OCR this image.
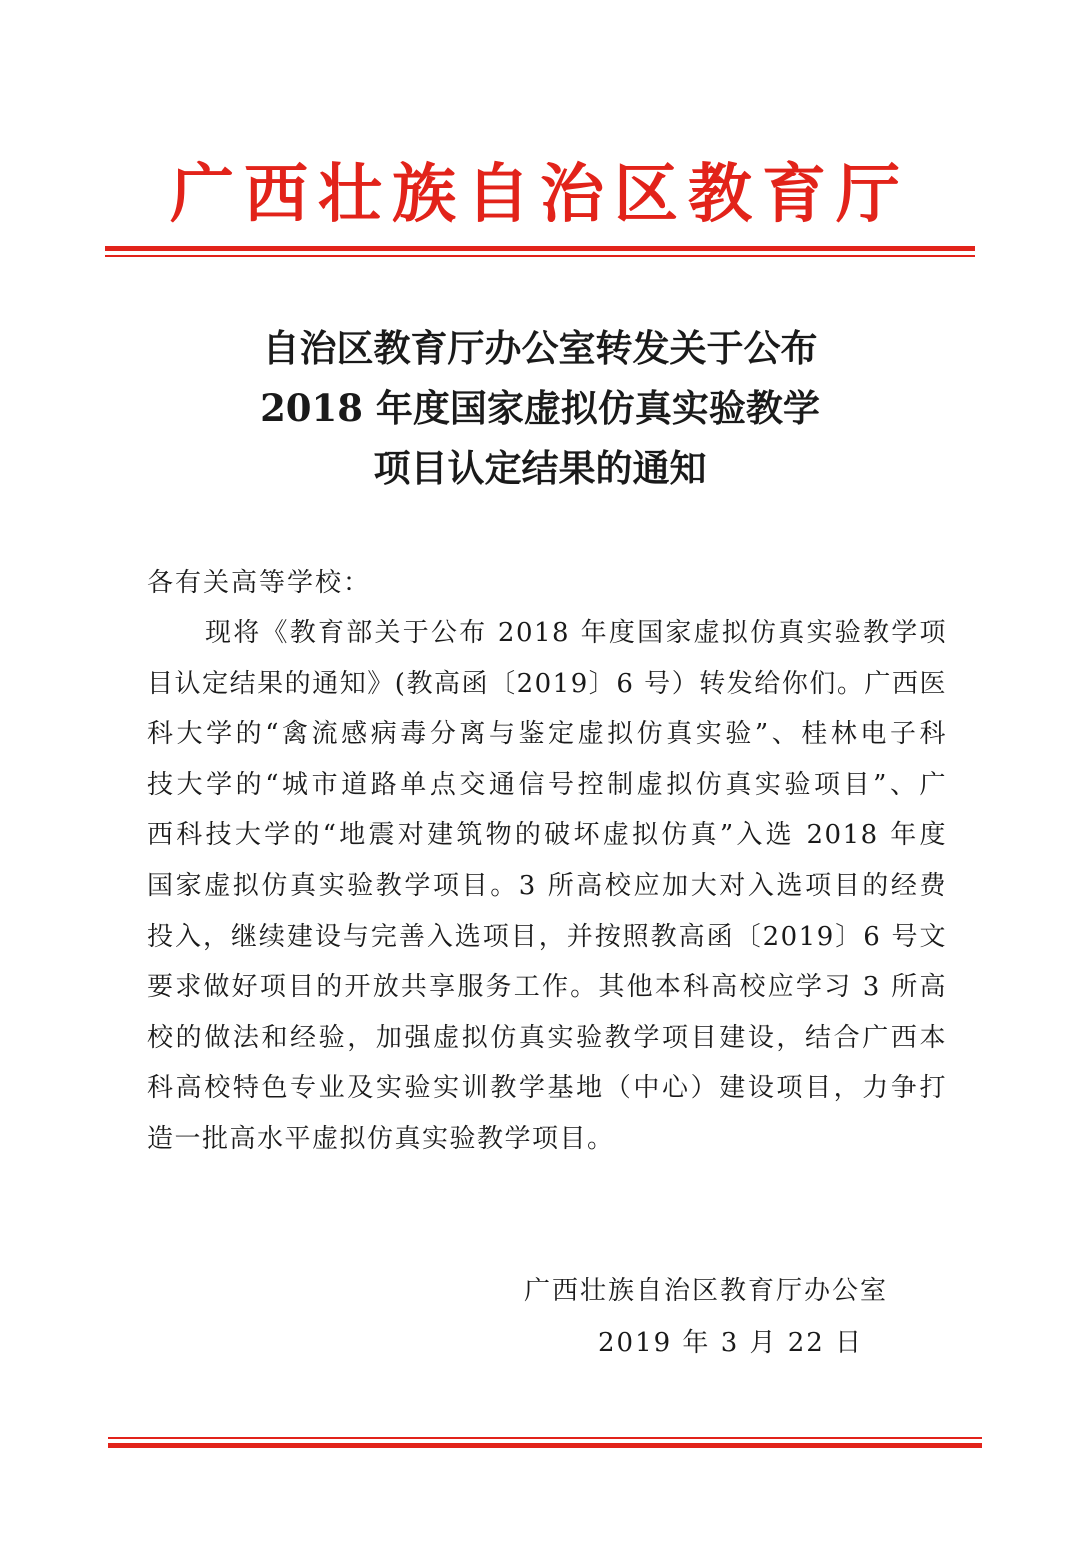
广西壮族自治区教育厅
自治区教育厅办公室转发关于公布
2018 年度国家虚拟仿真实验教学
项目认定结果的通知
各有关高等学校：
现将《教育部关于公布 2018 年度国家虚拟仿真实验教学项
目认定结果的通知》(教高函〔2019〕6 号）转发给你们。广西医
科大学的“禽流感病毒分离与鉴定虚拟仿真实验”、桂林电子科
技大学的“城市道路单点交通信号控制虚拟仿真实验项目”、广
西科技大学的“地震对建筑物的破坏虚拟仿真”入选 2018 年度
国家虚拟仿真实验教学项目。3 所高校应加大对入选项目的经费
投入，继续建设与完善入选项目，并按照教高函〔2019〕6 号文
要求做好项目的开放共享服务工作。其他本科高校应学习 3 所高
校的做法和经验，加强虚拟仿真实验教学项目建设，结合广西本
科高校特色专业及实验实训教学基地（中心）建设项目，力争打
造一批高水平虚拟仿真实验教学项目。
广西壮族自治区教育厅办公室
2019 年 3 月 22 日
